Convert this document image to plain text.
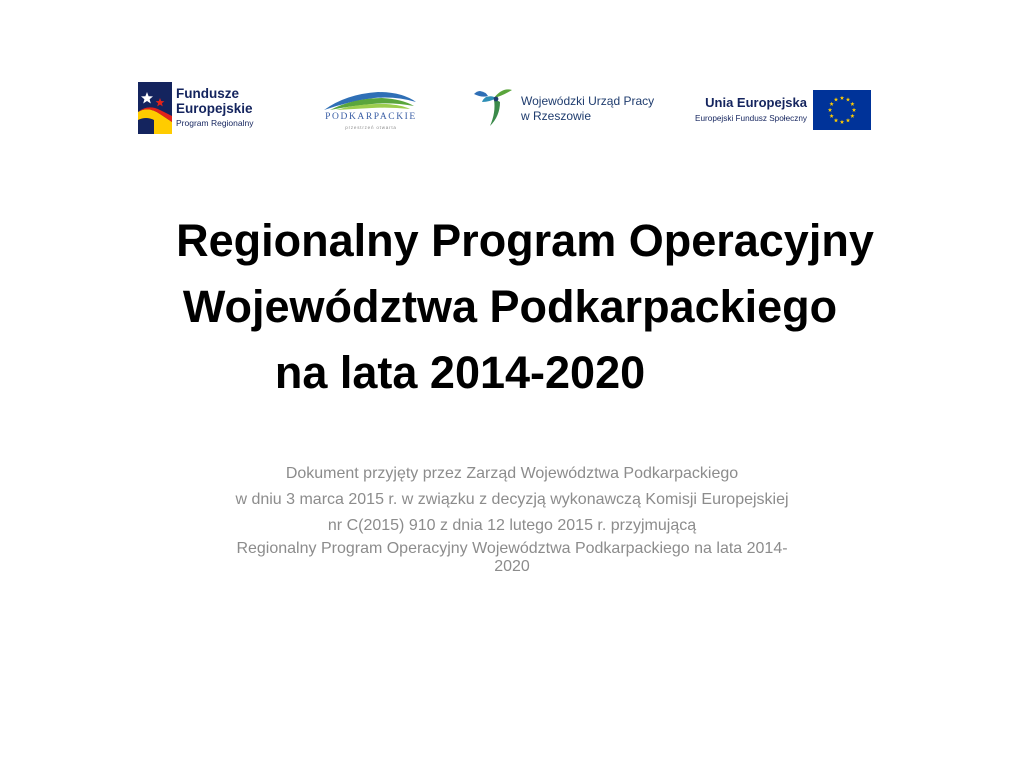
Fundusze
Europejskie
Program Regionalny
PODKARPACKIE
przestrzeń otwarta
Wojewódzki Urząd Pracy
w Rzeszowie
Unia Europejska
Europejski Fundusz Społeczny
Regionalny Program Operacyjny
Województwa Podkarpackiego
na lata 2014-2020
Dokument przyjęty przez Zarząd Województwa Podkarpackiego
w dniu 3 marca 2015 r. w związku z decyzją wykonawczą Komisji Europejskiej
nr C(2015) 910 z dnia 12 lutego 2015 r. przyjmującą
Regionalny Program Operacyjny Województwa Podkarpackiego na lata 2014-
2020
